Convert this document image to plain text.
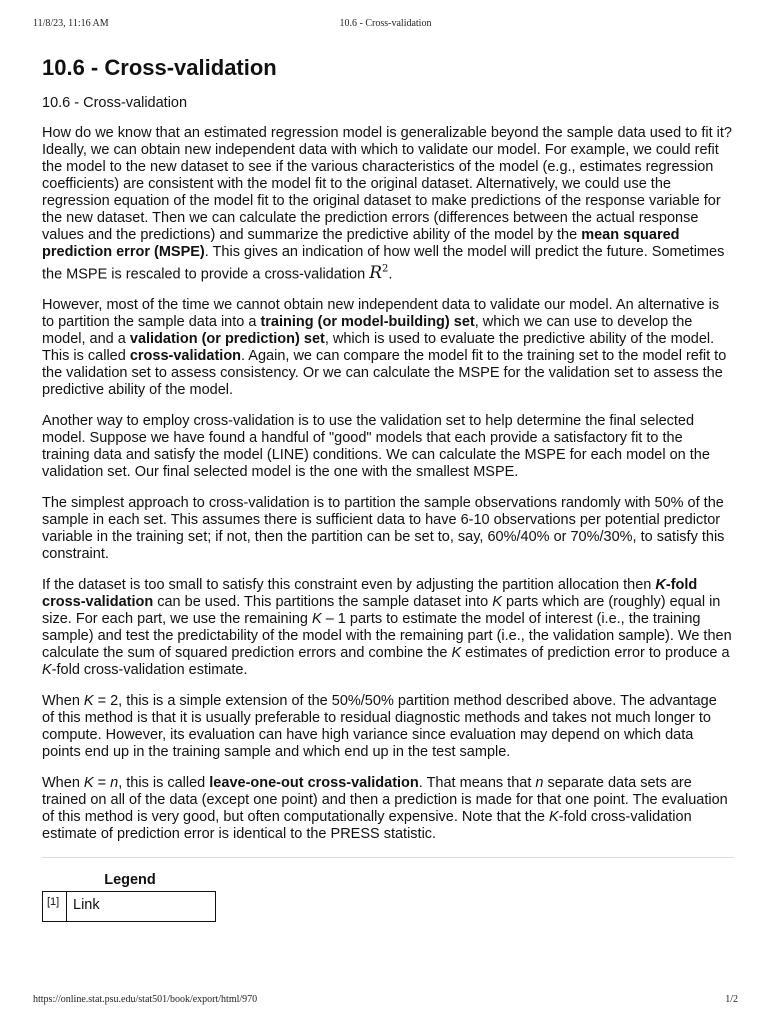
11/8/23, 11:16 AM	10.6 - Cross-validation
10.6 - Cross-validation
10.6 - Cross-validation

How do we know that an estimated regression model is generalizable beyond the sample data used to fit it? Ideally, we can obtain new independent data with which to validate our model. For example, we could refit the model to the new dataset to see if the various characteristics of the model (e.g., estimates regression coefficients) are consistent with the model fit to the original dataset. Alternatively, we could use the regression equation of the model fit to the original dataset to make predictions of the response variable for the new dataset. Then we can calculate the prediction errors (differences between the actual response values and the predictions) and summarize the predictive ability of the model by the mean squared prediction error (MSPE). This gives an indication of how well the model will predict the future. Sometimes the MSPE is rescaled to provide a cross-validation $R^2$.

However, most of the time we cannot obtain new independent data to validate our model. An alternative is to partition the sample data into a training (or model-building) set, which we can use to develop the model, and a validation (or prediction) set, which is used to evaluate the predictive ability of the model. This is called cross-validation. Again, we can compare the model fit to the training set to the model refit to the validation set to assess consistency. Or we can calculate the MSPE for the validation set to assess the predictive ability of the model.

Another way to employ cross-validation is to use the validation set to help determine the final selected model. Suppose we have found a handful of "good" models that each provide a satisfactory fit to the training data and satisfy the model (LINE) conditions. We can calculate the MSPE for each model on the validation set. Our final selected model is the one with the smallest MSPE.

The simplest approach to cross-validation is to partition the sample observations randomly with 50% of the sample in each set. This assumes there is sufficient data to have 6-10 observations per potential predictor variable in the training set; if not, then the partition can be set to, say, 60%/40% or 70%/30%, to satisfy this constraint.

If the dataset is too small to satisfy this constraint even by adjusting the partition allocation then K-fold cross-validation can be used. This partitions the sample dataset into K parts which are (roughly) equal in size. For each part, we use the remaining K – 1 parts to estimate the model of interest (i.e., the training sample) and test the predictability of the model with the remaining part (i.e., the validation sample). We then calculate the sum of squared prediction errors and combine the K estimates of prediction error to produce a K-fold cross-validation estimate.

When K = 2, this is a simple extension of the 50%/50% partition method described above. The advantage of this method is that it is usually preferable to residual diagnostic methods and takes not much longer to compute. However, its evaluation can have high variance since evaluation may depend on which data points end up in the training sample and which end up in the test sample.

When K = n, this is called leave-one-out cross-validation. That means that n separate data sets are trained on all of the data (except one point) and then a prediction is made for that one point. The evaluation of this method is very good, but often computationally expensive. Note that the K-fold cross-validation estimate of prediction error is identical to the PRESS statistic.

Legend
[1] Link
https://online.stat.psu.edu/stat501/book/export/html/970	1/2
